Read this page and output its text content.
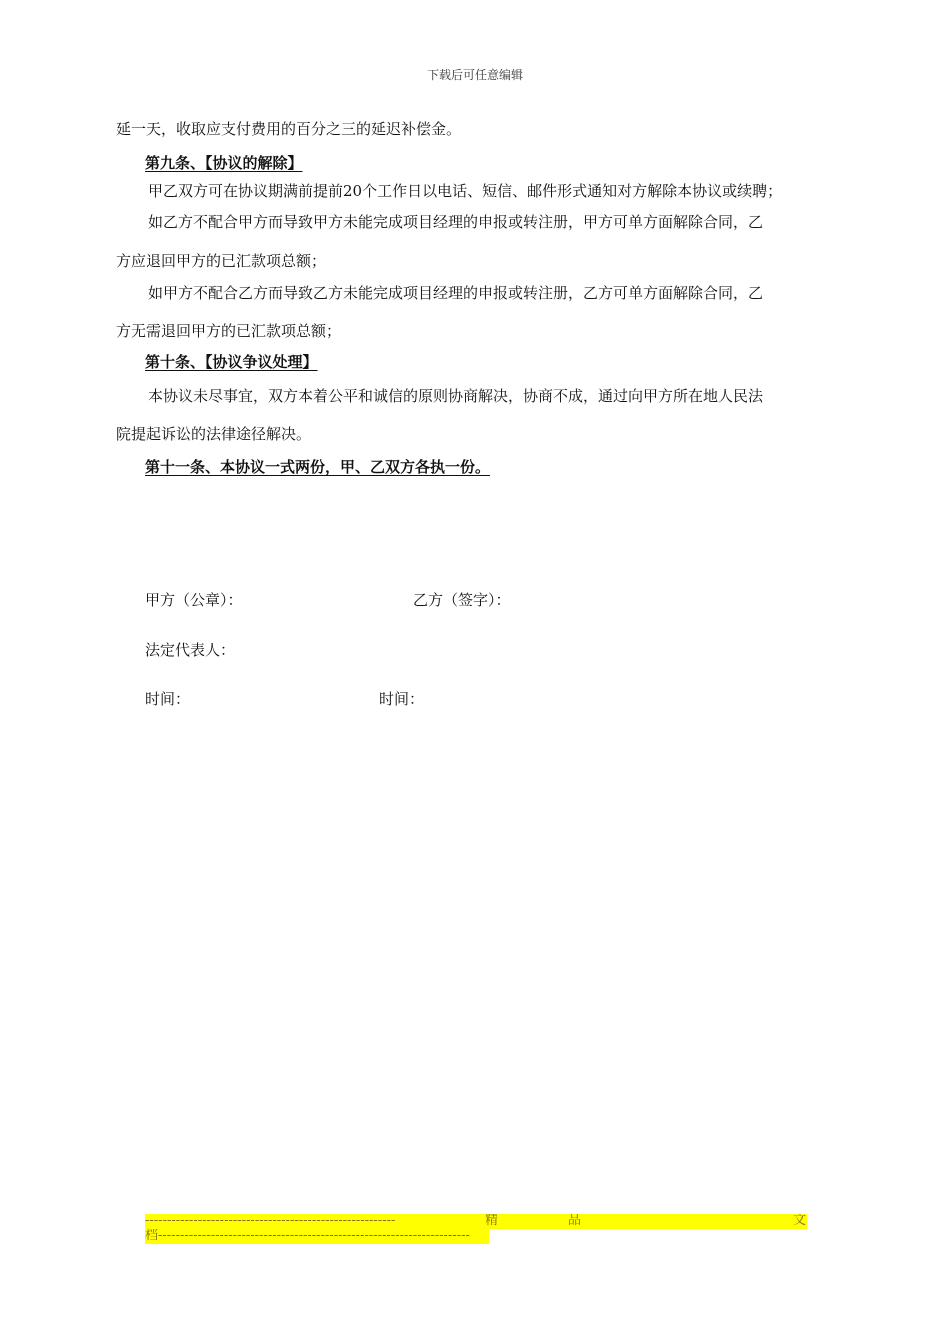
下载后可任意编辑
延一天，收取应支付费用的百分之三的延迟补偿金。
第九条、【协议的解除】
甲乙双方可在协议期满前提前20个工作日以电话、短信、邮件形式通知对方解除本协议或续聘；
如乙方不配合甲方而导致甲方未能完成项目经理的申报或转注册，甲方可单方面解除合同，乙
方应退回甲方的已汇款项总额；
如甲方不配合乙方而导致乙方未能完成项目经理的申报或转注册，乙方可单方面解除合同，乙
方无需退回甲方的已汇款项总额；
第十条、【协议争议处理】
本协议未尽事宜，双方本着公平和诚信的原则协商解决，协商不成，通过向甲方所在地人民法
院提起诉讼的法律途径解决。
第十一条、本协议一式两份，甲、乙双方各执一份。
甲方（公章）：	乙方（签字）：
法定代表人：
时间：	时间：
---------------------------------------------------------	精	品	文
档-----------------------------------------------------------------------
